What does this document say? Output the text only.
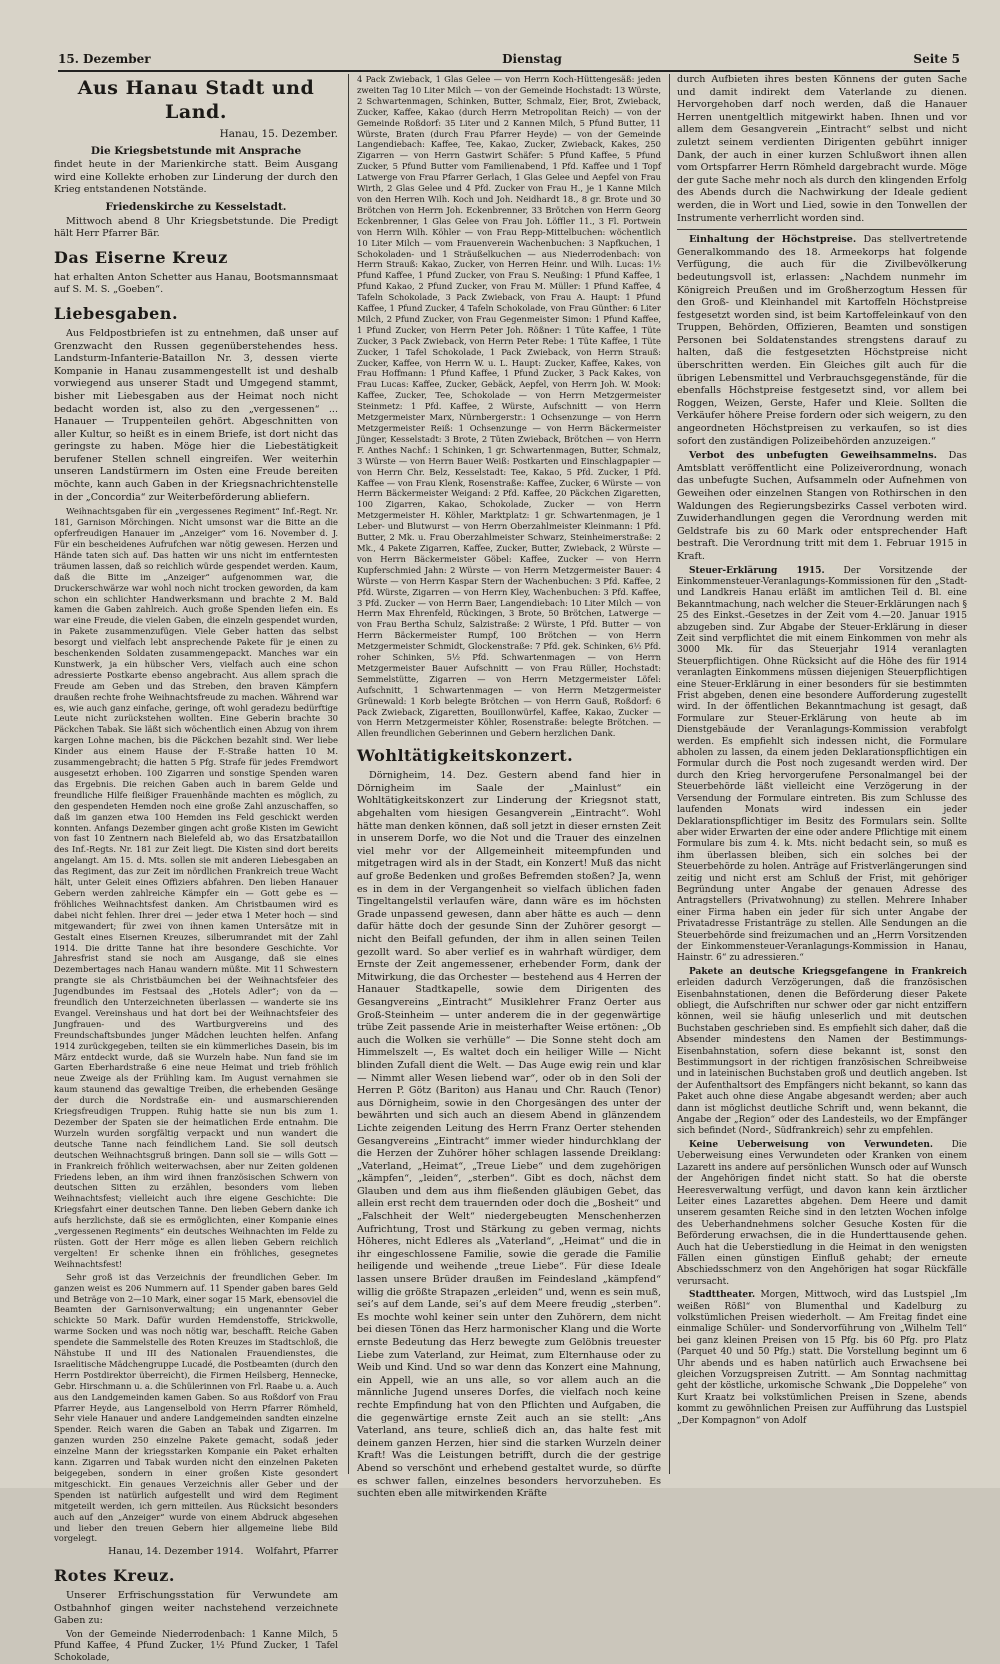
15. Dezember	Dienstag	Seite 5
Aus Hanau Stadt und Land.
Hanau, 15. Dezember.
Die Kriegsbetstunde mit Ansprache

findet heute in der Marienkirche statt. Beim Ausgang wird eine Kollekte erhoben zur Linderung der durch den Krieg entstandenen Notstände.

Friedenskirche zu Kesselstadt.

Mittwoch abend 8 Uhr Kriegsbetstunde. Die Predigt hält Herr Pfarrer Bär.

Das Eiserne Kreuz

hat erhalten Anton Schetter aus Hanau, Bootsmannsmaat auf S. M. S. „Goeben“.

Liebesgaben.

Aus Feldpostbriefen ist zu entnehmen, daß unser auf Grenzwacht den Russen gegenüberstehendes hess. Landsturm-Infanterie-Bataillon Nr. 3, dessen vierte Kompanie in Hanau zusammengestellt ist und deshalb vorwiegend aus unserer Stadt und Umgegend stammt, bisher mit Liebesgaben aus der Heimat noch nicht bedacht worden ist, also zu den „vergessenen“ ... Hanauer — Truppenteilen gehört. Abgeschnitten von aller Kultur, so heißt es in einem Briefe, ist dort nicht das geringste zu haben. Möge hier die Liebestätigkeit berufener Stellen schnell eingreifen. Wer weiterhin unseren Landstürmern im Osten eine Freude bereiten möchte, kann auch Gaben in der Kriegsnachrichtenstelle in der „Concordia“ zur Weiterbeförderung abliefern.

Weihnachtsgaben für ein „vergessenes Regiment“ Inf.-Regt. Nr. 181, Garnison Mörchingen. Nicht umsonst war die Bitte an die opferfreudigen Hanauer im „Anzeiger“ vom 16. November d. J. Für ein bescheidenes Aufrufchen war nötig gewesen. Herzen und Hände taten sich auf. Das hatten wir uns nicht im entferntesten träumen lassen, daß so reichlich würde gespendet werden. Kaum, daß die Bitte im „Anzeiger“ aufgenommen war, die Druckerschwärze war wohl noch nicht trocken geworden, da kam schon ein schlichter Handwerksmann und brachte 2 M. Bald kamen die Gaben zahlreich. Auch große Spenden liefen ein. Es war eine Freude, die vielen Gaben, die einzeln gespendet wurden, in Pakete zusammenzufügen. Viele Geber hatten das selbst besorgt und vielfach lebt ansprechende Pakete für je einen zu beschenkenden Soldaten zusammengepackt. Manches war ein Kunstwerk, ja ein hübscher Vers, vielfach auch eine schon adressierte Postkarte ebenso angebracht. Aus allem sprach die Freude am Geben und das Streben, den braven Kämpfern draußen rechte frohe Weihnachtsfreude zu machen. Während war es, wie auch ganz einfache, geringe, oft wohl geradezu bedürftige Leute nicht zurückstehen wollten. Eine Geberin brachte 30 Päckchen Tabak. Sie läßt sich wöchentlich einen Abzug von ihrem kargen Lohne machen, bis die Päckchen bezahlt sind. Wer liebe Kinder aus einem Hause der F.-Straße hatten 10 M. zusammengebracht; die hatten 5 Pfg. Strafe für jedes Fremdwort ausgesetzt erhoben. 100 Zigarren und sonstige Spenden waren das Ergebnis. Die reichen Gaben auch in barem Gelde und freundliche Hilfe fleißiger Frauenhände machten es möglich, zu den gespendeten Hemden noch eine große Zahl anzuschaffen, so daß im ganzen etwa 100 Hemden ins Feld geschickt werden konnten. Anfangs Dezember gingen acht große Kisten im Gewicht von fast 10 Zentnern nach Bielefeld ab, wo das Ersatzbataillon des Inf.-Regts. Nr. 181 zur Zeit liegt. Die Kisten sind dort bereits angelangt. Am 15. d. Mts. sollen sie mit anderen Liebesgaben an das Regiment, das zur Zeit im nördlichen Frankreich treue Wacht hält, unter Geleit eines Offiziers abfahren. Den lieben Hanauer Gebern werden zahlreiche Kämpfer ein — Gott gebe es — fröhliches Weihnachtsfest danken. Am Christbaumen wird es dabei nicht fehlen. Ihrer drei — jeder etwa 1 Meter hoch — sind mitgewandert; für zwei von ihnen kamen Untersätze mit in Gestalt eines Eisernen Kreuzes, silberumrandet mit der Zahl 1914. Die dritte Tanne hat ihre besondere Geschichte. Vor Jahresfrist stand sie noch am Ausgange, daß sie eines Dezembertages nach Hanau wandern müßte. Mit 11 Schwestern prangte sie als Christbäumchen bei der Weihnachtsfeier des Jugendbundes im Festsaal des „Hotels Adler“; von da — freundlich den Unterzeichneten überlassen — wanderte sie ins Evangel. Vereinshaus und hat dort bei der Weihnachtsfeier des Jungfrauen- und des Wartburgvereins und des Freundschaftsbundes junger Mädchen leuchten helfen. Anfang 1914 zurückgegeben, teilten sie ein kümmerliches Dasein, bis im März entdeckt wurde, daß sie Wurzeln habe. Nun fand sie im Garten Eberhardstraße 6 eine neue Heimat und trieb fröhlich neue Zweige als der Frühling kam. Im August vernahmen sie kaum staunend das gewaltige Treiben, die erhebenden Gesänge der durch die Nordstraße ein- und ausmarschierenden Kriegsfreudigen Truppen. Ruhig hatte sie nun bis zum 1. Dezember der Spaten sie der heimatlichen Erde entnahm. Die Wurzeln wurden sorgfältig verpackt und nun wandert die deutsche Tanne nach feindlichem Land. Sie soll deutsch deutschen Weihnachtsgruß bringen. Dann soll sie — wills Gott — in Frankreich fröhlich weiterwachsen, aber nur Zeiten goldenen Friedens leben, an ihm wird ihnen französischen Schwern von deutschen Sitten zu erzählen, besonders vom lieben Weihnachtsfest; vielleicht auch ihre eigene Geschichte: Die Kriegsfahrt einer deutschen Tanne. Den lieben Gebern danke ich aufs herzlichste, daß sie es ermöglichten, einer Kompanie eines „vergessenen Regiments“ ein deutsches Weihnachten im Felde zu rüsten. Gott der Herr möge es allen lieben Gebern reichlich vergelten! Er schenke ihnen ein fröhliches, gesegnetes Weihnachtsfest!

Sehr groß ist das Verzeichnis der freundlichen Geber. Im ganzen weist es 206 Nummern auf. 11 Spender gaben bares Geld und Beträge von 2—10 Mark, einer sogar 15 Mark, ebensoviel die Beamten der Garnisonverwaltung; ein ungenannter Geber schickte 50 Mark. Dafür wurden Hemdenstoffe, Strickwolle, warme Socken und was noch nötig war, beschafft. Reiche Gaben spendete die Sammelstelle des Roten Kreuzes im Stadtschloß, die Nähstube II und III des Nationalen Frauendienstes, die Israelitische Mädchengruppe Lucadé, die Postbeamten (durch den Herrn Postdirektor überreicht), die Firmen Heilsberg, Hennecke, Gebr. Hirschmann u. a. die Schülerinnen von Frl. Raabe u. a. Auch aus den Landgemeinden kamen Gaben. So aus Roßdorf von Frau Pfarrer Heyde, aus Langenselbold von Herrn Pfarrer Römheld, Sehr viele Hanauer und andere Landgemeinden sandten einzelne Spender. Reich waren die Gaben an Tabak und Zigarren. Im ganzen wurden 250 einzelne Pakete gemacht, sodaß jeder einzelne Mann der kriegsstarken Kompanie ein Paket erhalten kann. Zigarren und Tabak wurden nicht den einzelnen Paketen beigegeben, sondern in einer großen Kiste gesondert mitgeschickt. Ein genaues Verzeichnis aller Geber und der Spenden ist natürlich aufgestellt und wird dem Regiment mitgeteilt werden, ich gern mitteilen. Aus Rücksicht besonders auch auf den „Anzeiger“ wurde von einem Abdruck abgesehen und lieber den treuen Gebern hier allgemeine liebe Bild vorgelegt.

Hanau, 14. Dezember 1914. Wolfahrt, Pfarrer
Rotes Kreuz.

Unserer Erfrischungsstation für Verwundete am Ostbahnhof gingen weiter nachstehend verzeichnete Gaben zu:

Von der Gemeinde Niederrodenbach: 1 Kanne Milch, 5 Pfund Kaffee, 4 Pfund Zucker, 1½ Pfund Zucker, 1 Tafel Schokolade,

4 Pack Zwieback, 1 Glas Gelee — von Herrn Koch-Hüttengesäß: jeden zweiten Tag 10 Liter Milch — von der Gemeinde Hochstadt: 13 Würste, 2 Schwartenmagen, Schinken, Butter, Schmalz, Eier, Brot, Zwieback, Zucker, Kaffee, Kakao (durch Herrn Metropolitan Reich) — von der Gemeinde Roßdorf: 35 Liter und 2 Kannen Milch, 5 Pfund Butter, 11 Würste, Braten (durch Frau Pfarrer Heyde) — von der Gemeinde Langendiebach: Kaffee, Tee, Kakao, Zucker, Zwieback, Kakes, 250 Zigarren — von Herrn Gastwirt Schäfer: 5 Pfund Kaffee, 5 Pfund Zucker, 5 Pfund Butter vom Familienabend, 1 Pfd. Kaffee und 1 Topf Latwerge von Frau Pfarrer Gerlach, 1 Glas Gelee und Aepfel von Frau Wirth, 2 Glas Gelee und 4 Pfd. Zucker von Frau H., je 1 Kanne Milch von den Herren Wilh. Koch und Joh. Neidhardt 18., 8 gr. Brote und 30 Brötchen von Herrn Joh. Eckenbrenner, 33 Brötchen von Herrn Georg Eckenbrenner, 1 Glas Gelee von Frau Joh. Löffler 11., 3 Fl. Portwein von Herrn Wilh. Köhler — von Frau Repp-Mittelbuchen: wöchentlich 10 Liter Milch — vom Frauenverein Wachenbuchen: 3 Napfkuchen, 1 Schokoladen- und 1 Sträußelkuchen — aus Niederrodenbach: von Herrn Strauß: Kakao, Zucker, von Herren Heinr. und Wilh. Lucas: 1½ Pfund Kaffee, 1 Pfund Zucker, von Frau S. Neußing: 1 Pfund Kaffee, 1 Pfund Kakao, 2 Pfund Zucker, von Frau M. Müller: 1 Pfund Kaffee, 4 Tafeln Schokolade, 3 Pack Zwieback, von Frau A. Haupt: 1 Pfund Kaffee, 1 Pfund Zucker, 4 Tafeln Schokolade, von Frau Günther: 6 Liter Milch, 2 Pfund Zucker, von Frau Gegenmeister Simon: 1 Pfund Kaffee, 1 Pfund Zucker, von Herrn Peter Joh. Rößner: 1 Tüte Kaffee, 1 Tüte Zucker, 3 Pack Zwieback, von Herrn Peter Rebe: 1 Tüte Kaffee, 1 Tüte Zucker, 1 Tafel Schokolade, 1 Pack Zwieback, von Herrn Strauß: Zucker, Kaffee, von Herrn W. u. L. Haupt: Zucker, Kaffee, Kakes, von Frau Hoffmann: 1 Pfund Kaffee, 1 Pfund Zucker, 3 Pack Kakes, von Frau Lucas: Kaffee, Zucker, Gebäck, Aepfel, von Herrn Joh. W. Mook: Kaffee, Zucker, Tee, Schokolade — von Herrn Metzgermeister Steinmetz: 1 Pfd. Kaffee, 2 Würste, Aufschnitt — von Herrn Metzgermeister Marx, Nürnbergerstr.: 1 Ochsenzunge — von Herrn Metzgermeister Reiß: 1 Ochsenzunge — von Herrn Bäckermeister Jünger, Kesselstadt: 3 Brote, 2 Tüten Zwieback, Brötchen — von Herrn F. Anthes Nachf.: 1 Schinken, 1 gr. Schwartenmagen, Butter, Schmalz, 3 Würste — von Herrn Bauer Weiß: Postkarten und Einschlagpapier — von Herrn Chr. Belz, Kesselstadt: Tee, Kakao, 5 Pfd. Zucker, 1 Pfd. Kaffee — von Frau Klenk, Rosenstraße: Kaffee, Zucker, 6 Würste — von Herrn Bäckermeister Weigand: 2 Pfd. Kaffee, 20 Päckchen Zigaretten, 100 Zigarren, Kakao, Schokolade, Zucker — von Herrn Metzgermeister H. Köhler, Marktplatz: 1 gr. Schwartenmagen, je 1 Leber- und Blutwurst — von Herrn Oberzahlmeister Kleinmann: 1 Pfd. Butter, 2 Mk. u. Frau Oberzahlmeister Schwarz, Steinheimerstraße: 2 Mk., 4 Pakete Zigarren, Kaffee, Zucker, Butter, Zwieback, 2 Würste — von Herrn Bäckermeister Göbel: Kaffee, Zucker — von Herrn Kupferschmied Jahn: 2 Würste — von Herrn Metzgermeister Bauer: 4 Würste — von Herrn Kaspar Stern der Wachenbuchen: 3 Pfd. Kaffee, 2 Pfd. Würste, Zigarren — von Herrn Kley, Wachenbuchen: 3 Pfd. Kaffee, 3 Pfd. Zucker — von Herrn Baer, Langendiebach: 10 Liter Milch — von Herrn Max Ehrenfeld, Rückingen, 3 Brote, 50 Brötchen, Latwerge — von Frau Bertha Schulz, Salzistraße: 2 Würste, 1 Pfd. Butter — von Herrn Bäckermeister Rumpf, 100 Brötchen — von Herrn Metzgermeister Schmidt, Glockenstraße: 7 Pfd. gek. Schinken, 6½ Pfd. roher Schinken, 5½ Pfd. Schwartenmagen — von Herrn Metzgermeister Bauer Aufschnitt — von Frau Rüller, Hochstadt: Semmelstütte, Zigarren — von Herrn Metzgermeister Löfel: Aufschnitt, 1 Schwartenmagen — von Herrn Metzgermeister Grünewald: 1 Korb belegte Brötchen — von Herrn Gauß, Roßdorf: 6 Pack Zwieback, Zigaretten, Bouillonwürfel, Kaffee, Kakao, Zucker — von Herrn Metzgermeister Köhler, Rosenstraße: belegte Brötchen. — Allen freundlichen Geberinnen und Gebern herzlichen Dank.

Wohltätigkeitskonzert.

Dörnigheim, 14. Dez. Gestern abend fand hier in Dörnigheim im Saale der „Mainlust“ ein Wohltätigkeitskonzert zur Linderung der Kriegsnot statt, abgehalten vom hiesigen Gesangverein „Eintracht“. Wohl hätte man denken können, daß soll jetzt in dieser ernsten Zeit in unserem Dorfe, wo die Not und die Trauer des einzelnen viel mehr vor der Allgemeinheit miteempfunden und mitgetragen wird als in der Stadt, ein Konzert! Muß das nicht auf große Bedenken und großes Befremden stoßen? Ja, wenn es in dem in der Vergangenheit so vielfach üblichen faden Tingeltangelstil verlaufen wäre, dann wäre es im höchsten Grade unpassend gewesen, dann aber hätte es auch — denn dafür hätte doch der gesunde Sinn der Zuhörer gesorgt — nicht den Beifall gefunden, der ihm in allen seinen Teilen gezollt ward. So aber verlief es in wahrhaft würdiger, dem Ernste der Zeit angemessener, erhebender Form, dank der Mitwirkung, die das Orchester — bestehend aus 4 Herren der Hanauer Stadtkapelle, sowie dem Dirigenten des Gesangvereins „Eintracht“ Musiklehrer Franz Oerter aus Groß-Steinheim — unter anderem die in der gegenwärtige trübe Zeit passende Arie in meisterhafter Weise ertönen: „Ob auch die Wolken sie verhülle“ — Die Sonne steht doch am Himmelszelt —, Es waltet doch ein heiliger Wille — Nicht blinden Zufall dient die Welt. — Das Auge ewig rein und klar — Nimmt aller Wesen liebend war“, oder ob in den Soli der Herren P. Götz (Bariton) aus Hanau und Chr. Rauch (Tenor) aus Dörnigheim, sowie in den Chorgesängen des unter der bewährten und sich auch an diesem Abend in glänzendem Lichte zeigenden Leitung des Herrn Franz Oerter stehenden Gesangvereins „Eintracht“ immer wieder hindurchklang der die Herzen der Zuhörer höher schlagen lassende Dreiklang: „Vaterland, „Heimat“, „Treue Liebe“ und dem zugehörigen „kämpfen“, „leiden“, „sterben“. Gibt es doch, nächst dem Glauben und dem aus ihm fließenden gläubigen Gebet, das allein erst recht dem trauernden oder doch die „Bosheit“ und „Falschheit der Welt“ niedergebeugten Menschenherzen Aufrichtung, Trost und Stärkung zu geben vermag, nichts Höheres, nicht Edleres als „Vaterland“, „Heimat“ und die in ihr eingeschlossene Familie, sowie die gerade die Familie heiligende und weihende „treue Liebe“. Für diese Ideale lassen unsere Brüder draußen im Feindesland „kämpfend“ willig die größte Strapazen „erleiden“ und, wenn es sein muß, sei’s auf dem Lande, sei’s auf dem Meere freudig „sterben“. Es mochte wohl keiner sein unter den Zuhörern, dem nicht bei diesen Tönen das Herz harmonischer Klang und die Worte ernste Bedeutung das Herz bewegte zum Gelöbnis treuester Liebe zum Vaterland, zur Heimat, zum Elternhause oder zu Weib und Kind. Und so war denn das Konzert eine Mahnung, ein Appell, wie an uns alle, so vor allem auch an die männliche Jugend unseres Dorfes, die vielfach noch keine rechte Empfindung hat von den Pflichten und Aufgaben, die die gegenwärtige ernste Zeit auch an sie stellt: „Ans Vaterland, ans teure, schließ dich an, das halte fest mit deinem ganzen Herzen, hier sind die starken Wurzeln deiner Kraft! Was die Leistungen betrifft, durch die der gestrige Abend so verschönt und erhebend gestaltet wurde, so dürfte es schwer fallen, einzelnes besonders hervorzuheben. Es suchten eben alle mitwirkenden Kräfte

durch Aufbieten ihres besten Könnens der guten Sache und damit indirekt dem Vaterlande zu dienen. Hervorgehoben darf noch werden, daß die Hanauer Herren unentgeltlich mitgewirkt haben. Ihnen und vor allem dem Gesangverein „Eintracht“ selbst und nicht zuletzt seinem verdienten Dirigenten gebührt inniger Dank, der auch in einer kurzen Schlußwort ihnen allen vom Ortspfarrer Herrn Römheld dargebracht wurde. Möge der gute Sache mehr noch als durch den klingenden Erfolg des Abends durch die Nachwirkung der Ideale gedient werden, die in Wort und Lied, sowie in den Tonwellen der Instrumente verherrlicht worden sind.

Einhaltung der Höchstpreise. Das stellvertretende Generalkommando des 18. Armeekorps hat folgende Verfügung, die auch für die Zivilbevölkerung bedeutungsvoll ist, erlassen: „Nachdem nunmehr im Königreich Preußen und im Großherzogtum Hessen für den Groß- und Kleinhandel mit Kartoffeln Höchstpreise festgesetzt worden sind, ist beim Kartoffeleinkauf von den Truppen, Behörden, Offizieren, Beamten und sonstigen Personen bei Soldatenstandes strengstens darauf zu halten, daß die festgesetzten Höchstpreise nicht überschritten werden. Ein Gleiches gilt auch für die übrigen Lebensmittel und Verbrauchsgegenstände, für die ebenfalls Höchstpreise festgesetzt sind, vor allem bei Roggen, Weizen, Gerste, Hafer und Kleie. Sollten die Verkäufer höhere Preise fordern oder sich weigern, zu den angeordneten Höchstpreisen zu verkaufen, so ist dies sofort den zuständigen Polizeibehörden anzuzeigen.“

Verbot des unbefugten Geweihsammelns. Das Amtsblatt veröffentlicht eine Polizeiverordnung, wonach das unbefugte Suchen, Aufsammeln oder Aufnehmen von Geweihen oder einzelnen Stangen von Rothirschen in den Waldungen des Regierungsbezirks Cassel verboten wird. Zuwiderhandlungen gegen die Verordnung werden mit Geldstrafe bis zu 60 Mark oder entsprechender Haft bestraft. Die Verordnung tritt mit dem 1. Februar 1915 in Kraft.

Steuer-Erklärung 1915. Der Vorsitzende der Einkommensteuer-Veranlagungs-Kommissionen für den „Stadt- und Landkreis Hanau erläßt im amtlichen Teil d. Bl. eine Bekanntmachung, nach welcher die Steuer-Erklärungen nach § 25 des Einkst.-Gesetzes in der Zeit vom 4.—20. Januar 1915 abzugeben sind. Zur Abgabe der Steuer-Erklärung in dieser Zeit sind verpflichtet die mit einem Einkommen von mehr als 3000 Mk. für das Steuerjahr 1914 veranlagten Steuerpflichtigen. Ohne Rücksicht auf die Höhe des für 1914 veranlagten Einkommens müssen diejenigen Steuerpflichtigen eine Steuer-Erklärung in einer besonders für sie bestimmten Frist abgeben, denen eine besondere Aufforderung zugestellt wird. In der öffentlichen Bekanntmachung ist gesagt, daß Formulare zur Steuer-Erklärung von heute ab im Dienstgebäude der Veranlagungs-Kommission verabfolgt werden. Es empfiehlt sich indessen nicht, die Formulare abholen zu lassen, da einem jeden Deklarationspflichtigen ein Formular durch die Post noch zugesandt werden wird. Der durch den Krieg hervorgerufene Personalmangel bei der Steuerbehörde läßt vielleicht eine Verzögerung in der Versendung der Formulare eintreten. Bis zum Schlusse des laufenden Monats wird indessen ein jeder Deklarationspflichtiger im Besitz des Formulars sein. Sollte aber wider Erwarten der eine oder andere Pflichtige mit einem Formulare bis zum 4. k. Mts. nicht bedacht sein, so muß es ihm überlassen bleiben, sich ein solches bei der Steuerbehörde zu holen. Anträge auf Fristverlängerungen sind zeitig und nicht erst am Schluß der Frist, mit gehöriger Begründung unter Angabe der genauen Adresse des Antragstellers (Privatwohnung) zu stellen. Mehrere Inhaber einer Firma haben ein jeder für sich unter Angabe der Privatadresse Fristanträge zu stellen. Alle Sendungen an die Steuerbehörde sind freizumachen und an „Herrn Vorsitzenden der Einkommensteuer-Veranlagungs-Kommission in Hanau, Hainstr. 6“ zu adressieren.“

Pakete an deutsche Kriegsgefangene in Frankreich erleiden dadurch Verzögerungen, daß die französischen Eisenbahnstationen, denen die Beförderung dieser Pakete obliegt, die Aufschriften nur schwer oder gar nicht entziffern können, weil sie häufig unleserlich und mit deutschen Buchstaben geschrieben sind. Es empfiehlt sich daher, daß die Absender mindestens den Namen der Bestimmungs-Eisenbahnstation, sofern diese bekannt ist, sonst den Bestimmungsort in der richtigen französischen Schreibweise und in lateinischen Buchstaben groß und deutlich angeben. Ist der Aufenthaltsort des Empfängers nicht bekannt, so kann das Paket auch ohne diese Angabe abgesandt werden; aber auch dann ist möglichst deutliche Schrift und, wenn bekannt, die Angabe der „Region“ oder des Landesteils, wo der Empfänger sich befindet (Nord-, Südfrankreich) sehr zu empfehlen.

Keine Ueberweisung von Verwundeten. Die Ueberweisung eines Verwundeten oder Kranken von einem Lazarett ins andere auf persönlichen Wunsch oder auf Wunsch der Angehörigen findet nicht statt. So hat die oberste Heeresverwaltung verfügt, und davon kann kein ärztlicher Leiter eines Lazarettes abgehen. Dem Heere und damit unserem gesamten Reiche sind in den letzten Wochen infolge des Ueberhandnehmens solcher Gesuche Kosten für die Beförderung erwachsen, die in die Hunderttausende gehen. Auch hat die Ueberstiedlung in die Heimat in den wenigsten Fällen einen günstigen Einfluß gehabt; der erneute Abschiedsschmerz von den Angehörigen hat sogar Rückfälle verursacht.

Stadttheater. Morgen, Mittwoch, wird das Lustspiel „Im weißen Rößl“ von Blumenthal und Kadelburg zu volkstümlichen Preisen wiederholt. — Am Freitag findet eine einmalige Schüler- und Sondervorführung von „Wilhelm Tell“ bei ganz kleinen Preisen von 15 Pfg. bis 60 Pfg. pro Platz (Parquet 40 und 50 Pfg.) statt. Die Vorstellung beginnt um 6 Uhr abends und es haben natürlich auch Erwachsene bei gleichen Vorzugspreisen Zutritt. — Am Sonntag nachmittag geht der köstliche, urkomische Schwank „Die Doppelehe“ von Kurt Kraatz bei volkstümlichen Preisen in Szene, abends kommt zu gewöhnlichen Preisen zur Aufführung das Lustspiel „Der Kompagnon“ von Adolf
